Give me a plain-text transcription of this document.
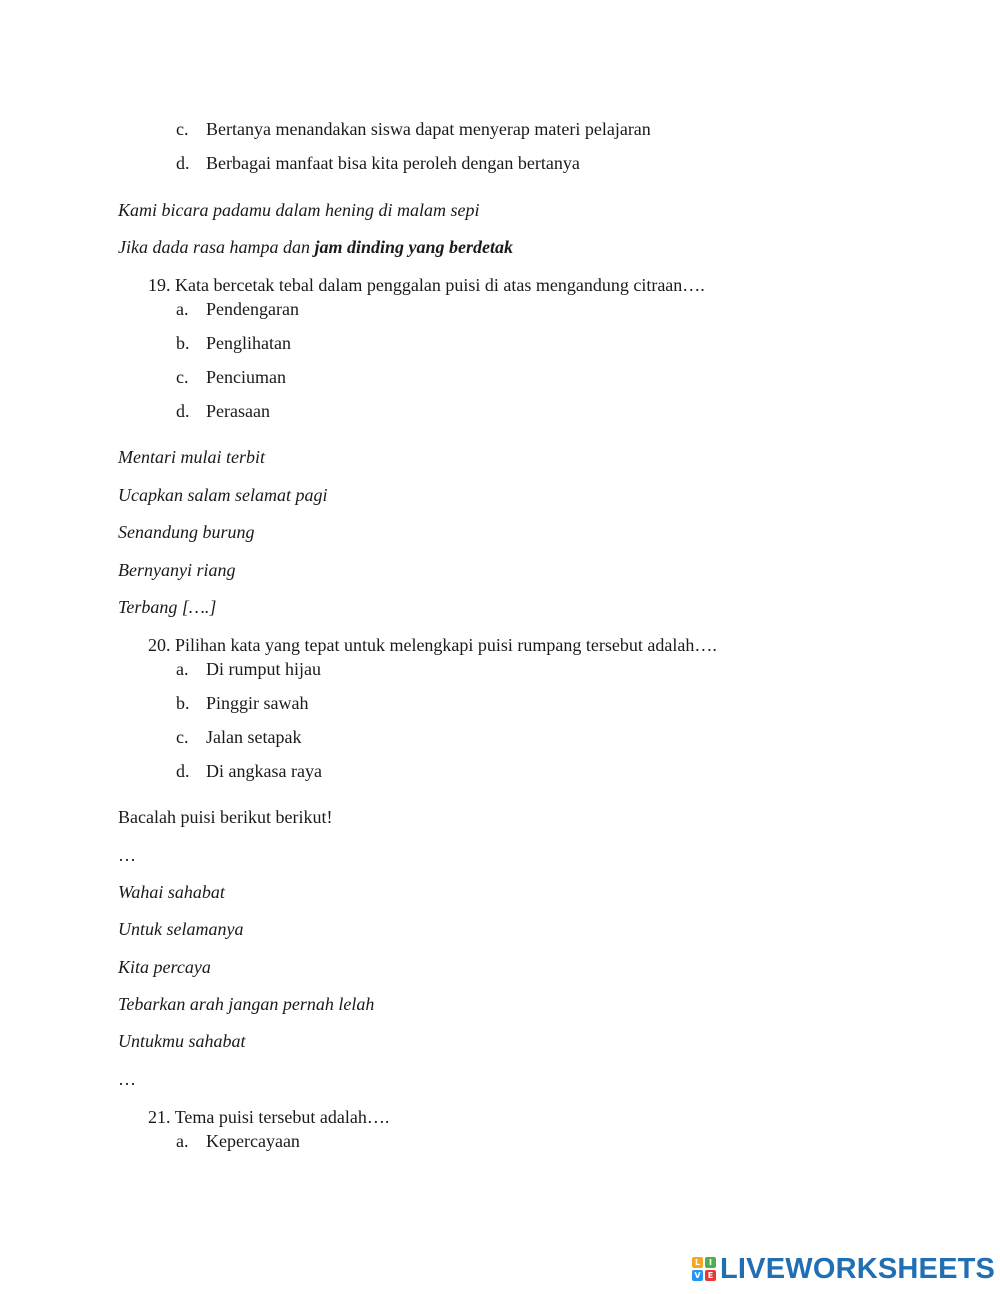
c. Bertanya menandakan siswa dapat menyerap materi pelajaran
d. Berbagai manfaat bisa kita peroleh dengan bertanya
Kami bicara padamu dalam hening di malam sepi
Jika dada rasa hampa dan jam dinding yang berdetak
19. Kata bercetak tebal dalam penggalan puisi di atas mengandung citraan….
a. Pendengaran
b. Penglihatan
c. Penciuman
d. Perasaan
Mentari mulai terbit
Ucapkan salam selamat pagi
Senandung burung
Bernyanyi riang
Terbang [….]
20. Pilihan kata yang tepat untuk melengkapi puisi rumpang tersebut adalah….
a. Di rumput hijau
b. Pinggir sawah
c. Jalan setapak
d. Di angkasa raya
Bacalah puisi berikut berikut!
…
Wahai sahabat
Untuk selamanya
Kita percaya
Tebarkan arah jangan pernah lelah
Untukmu sahabat
…
21. Tema puisi tersebut adalah….
a. Kepercayaan
L	I
V E LIVEWORKSHEETS
